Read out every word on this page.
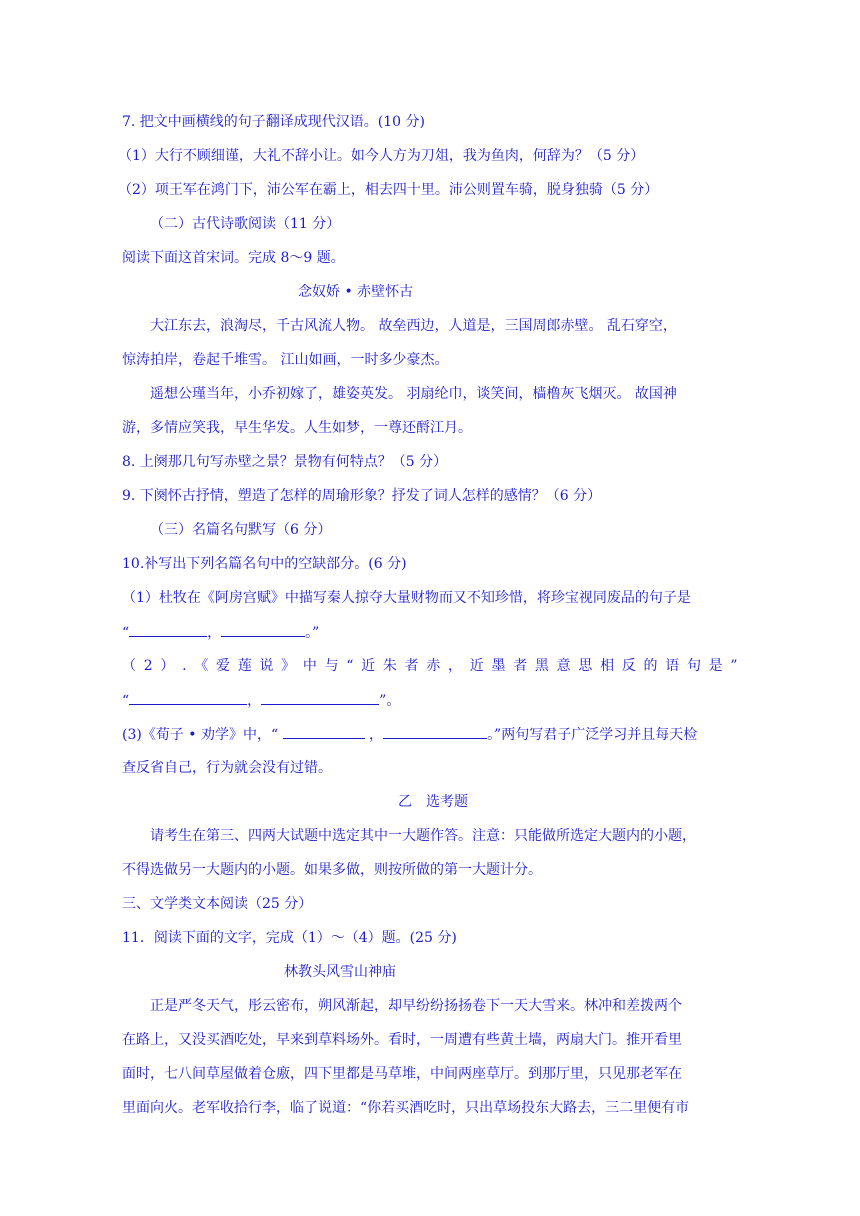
7. 把文中画横线的句子翻译成现代汉语。(10 分)
（1）大行不顾细谨，大礼不辞小让。如今人方为刀俎，我为鱼肉，何辞为？（5 分）
（2）项王军在鸿门下，沛公军在霸上，相去四十里。沛公则置车骑，脱身独骑（5 分）
（二）古代诗歌阅读（11 分）
阅读下面这首宋词。完成 8～9 题。
念奴娇 • 赤壁怀古
大江东去，浪淘尽，千古风流人物。 故垒西边，人道是，三国周郎赤壁。 乱石穿空，
惊涛拍岸，卷起千堆雪。 江山如画，一时多少豪杰。
遥想公瑾当年，小乔初嫁了，雄姿英发。 羽扇纶巾，谈笑间，樯橹灰飞烟灭。 故国神
游，多情应笑我，早生华发。人生如梦，一尊还酹江月。
8. 上阕那几句写赤壁之景？景物有何特点？（5 分）
9. 下阕怀古抒情，塑造了怎样的周瑜形象？抒发了词人怎样的感情？（6 分）
（三）名篇名句默写（6 分）
10.补写出下列名篇名句中的空缺部分。(6 分)
（1）杜牧在《阿房宫赋》中描写秦人掠夺大量财物而又不知珍惜，将珍宝视同废品的句子是
“	，	。”
（ 2 ） . 《 爱 莲 说 》 中 与 “ 近 朱 者 赤 ， 近 墨 者 黑 意 思 相 反 的 语 句 是 ”
“	，	”。
(3)《荀子 • 劝学》中，“	，	。”两句写君子广泛学习并且每天检
查反省自己，行为就会没有过错。
乙　选考题
请考生在第三、四两大试题中选定其中一大题作答。注意：只能做所选定大题内的小题，
不得选做另一大题内的小题。如果多做，则按所做的第一大题计分。
三、文学类文本阅读（25 分）
11．阅读下面的文字，完成（1）～（4）题。(25 分)
林教头风雪山神庙
正是严冬天气，彤云密布，朔风渐起，却早纷纷扬扬卷下一天大雪来。林冲和差拨两个
在路上，又没买酒吃处，早来到草料场外。看时，一周遭有些黄土墙，两扇大门。推开看里
面时，七八间草屋做着仓廒，四下里都是马草堆，中间两座草厅。到那厅里，只见那老军在
里面向火。老军收拾行李，临了说道：“你若买酒吃时，只出草场投东大路去，三二里便有市
